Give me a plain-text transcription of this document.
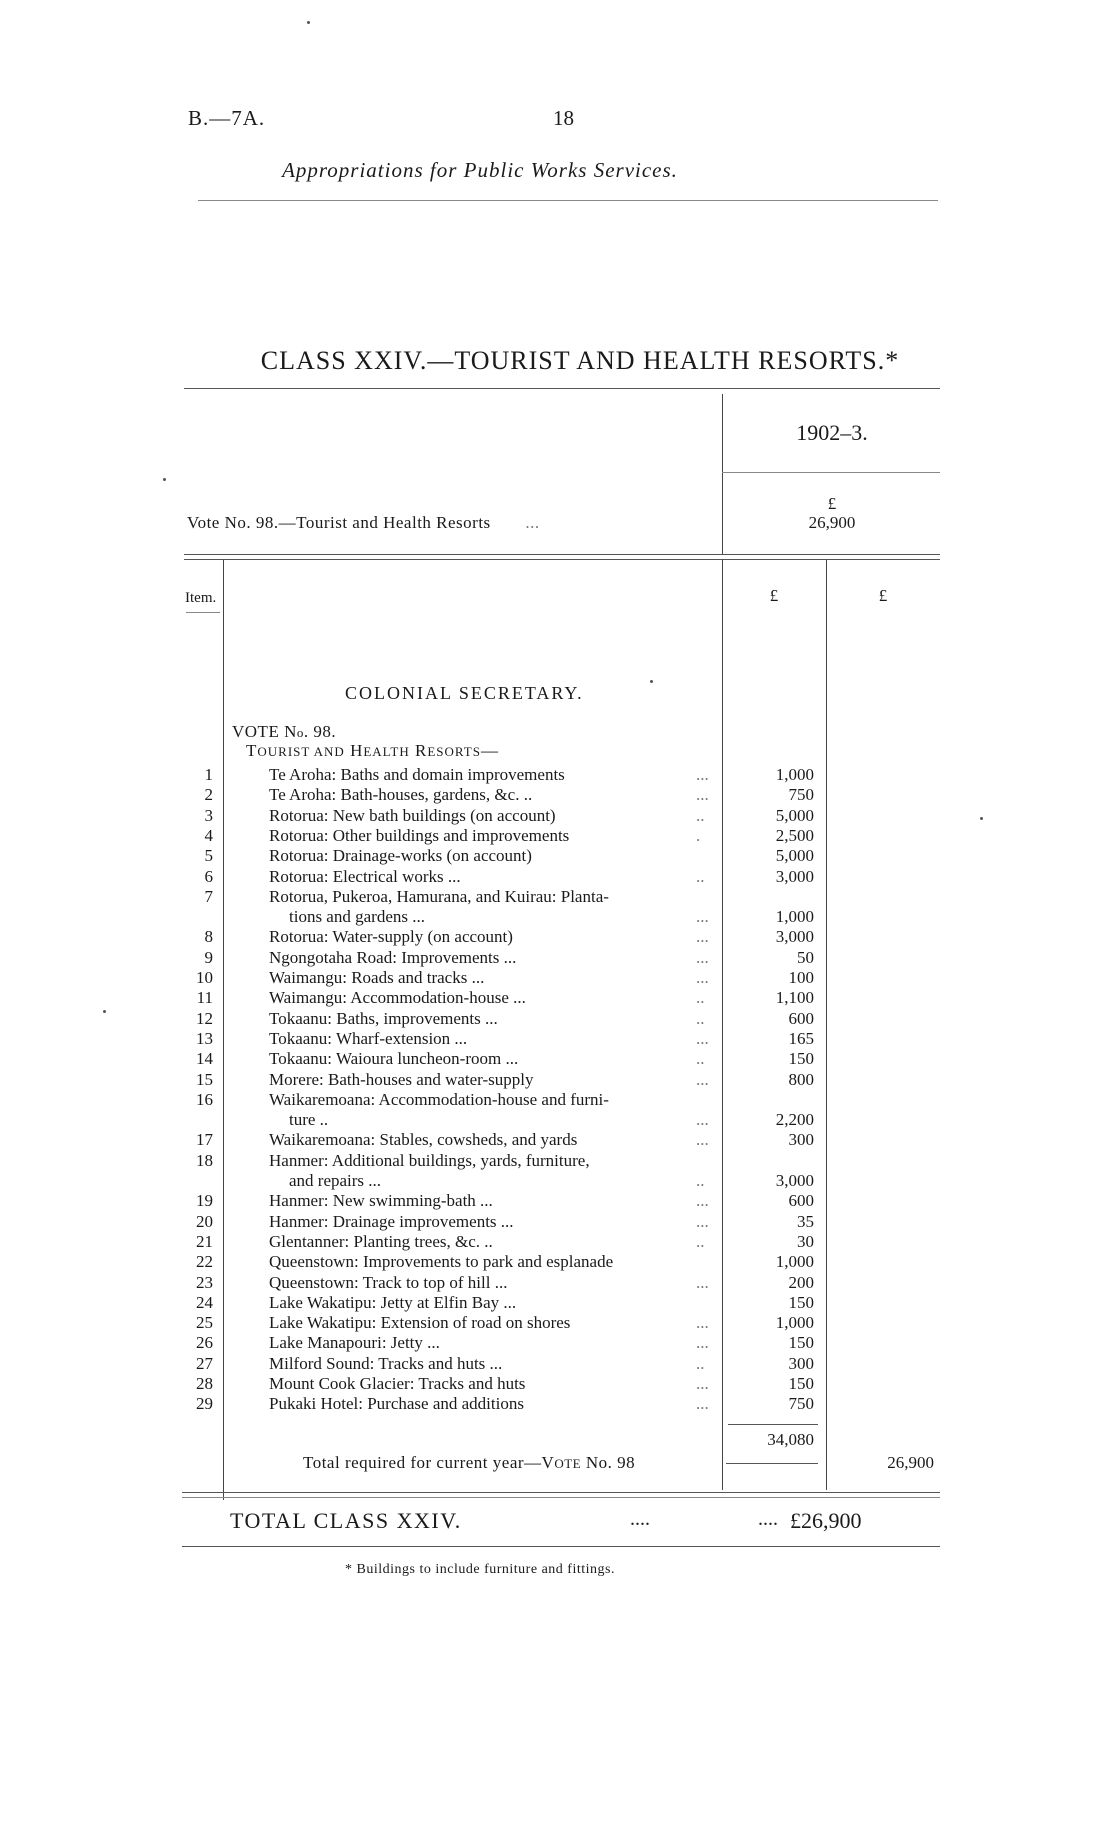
B.—7A.	18
Appropriations for Public Works Services.
CLASS XXIV.—TOURIST AND HEALTH RESORTS.*
1902–3.
£
Vote No. 98.—Tourist and Health Resorts ...	26,900
Item.	£	£
COLONIAL SECRETARY.
VOTE No. 98.
TOURIST AND HEALTH RESORTS—
1	Te Aroha: Baths and domain improvements	...	1,000
2	Te Aroha: Bath-houses, gardens, &c. ..	...	750
3	Rotorua: New bath buildings (on account)	..	5,000
4	Rotorua: Other buildings and improvements	.	2,500
5	Rotorua: Drainage-works (on account)	5,000
6	Rotorua: Electrical works ...	..	3,000
7	Rotorua, Pukeroa, Hamurana, and Kuirau: Planta-
tions and gardens ...	...	1,000
8	Rotorua: Water-supply (on account)	...	3,000
9	Ngongotaha Road: Improvements ...	...	50
10	Waimangu: Roads and tracks ...	...	100
11	Waimangu: Accommodation-house ...	..	1,100
12	Tokaanu: Baths, improvements ...	..	600
13	Tokaanu: Wharf-extension ...	...	165
14	Tokaanu: Waioura luncheon-room ...	..	150
15	Morere: Bath-houses and water-supply	...	800
16	Waikaremoana: Accommodation-house and furni-
ture ..	...	2,200
17	Waikaremoana: Stables, cowsheds, and yards	...	300
18	Hanmer: Additional buildings, yards, furniture,
and repairs ...	..	3,000
19	Hanmer: New swimming-bath ...	...	600
20	Hanmer: Drainage improvements ...	...	35
21	Glentanner: Planting trees, &c. ..	..	30
22	Queenstown: Improvements to park and esplanade	1,000
23	Queenstown: Track to top of hill ...	...	200
24	Lake Wakatipu: Jetty at Elfin Bay ...	150
25	Lake Wakatipu: Extension of road on shores	...	1,000
26	Lake Manapouri: Jetty ...	...	150
27	Milford Sound: Tracks and huts ...	..	300
28	Mount Cook Glacier: Tracks and huts	...	150
29	Pukaki Hotel: Purchase and additions	...	750
34,080
Total required for current year—VOTE No. 98	26,900
TOTAL CLASS XXIV.	....	.... £26,900
* Buildings to include furniture and fittings.
